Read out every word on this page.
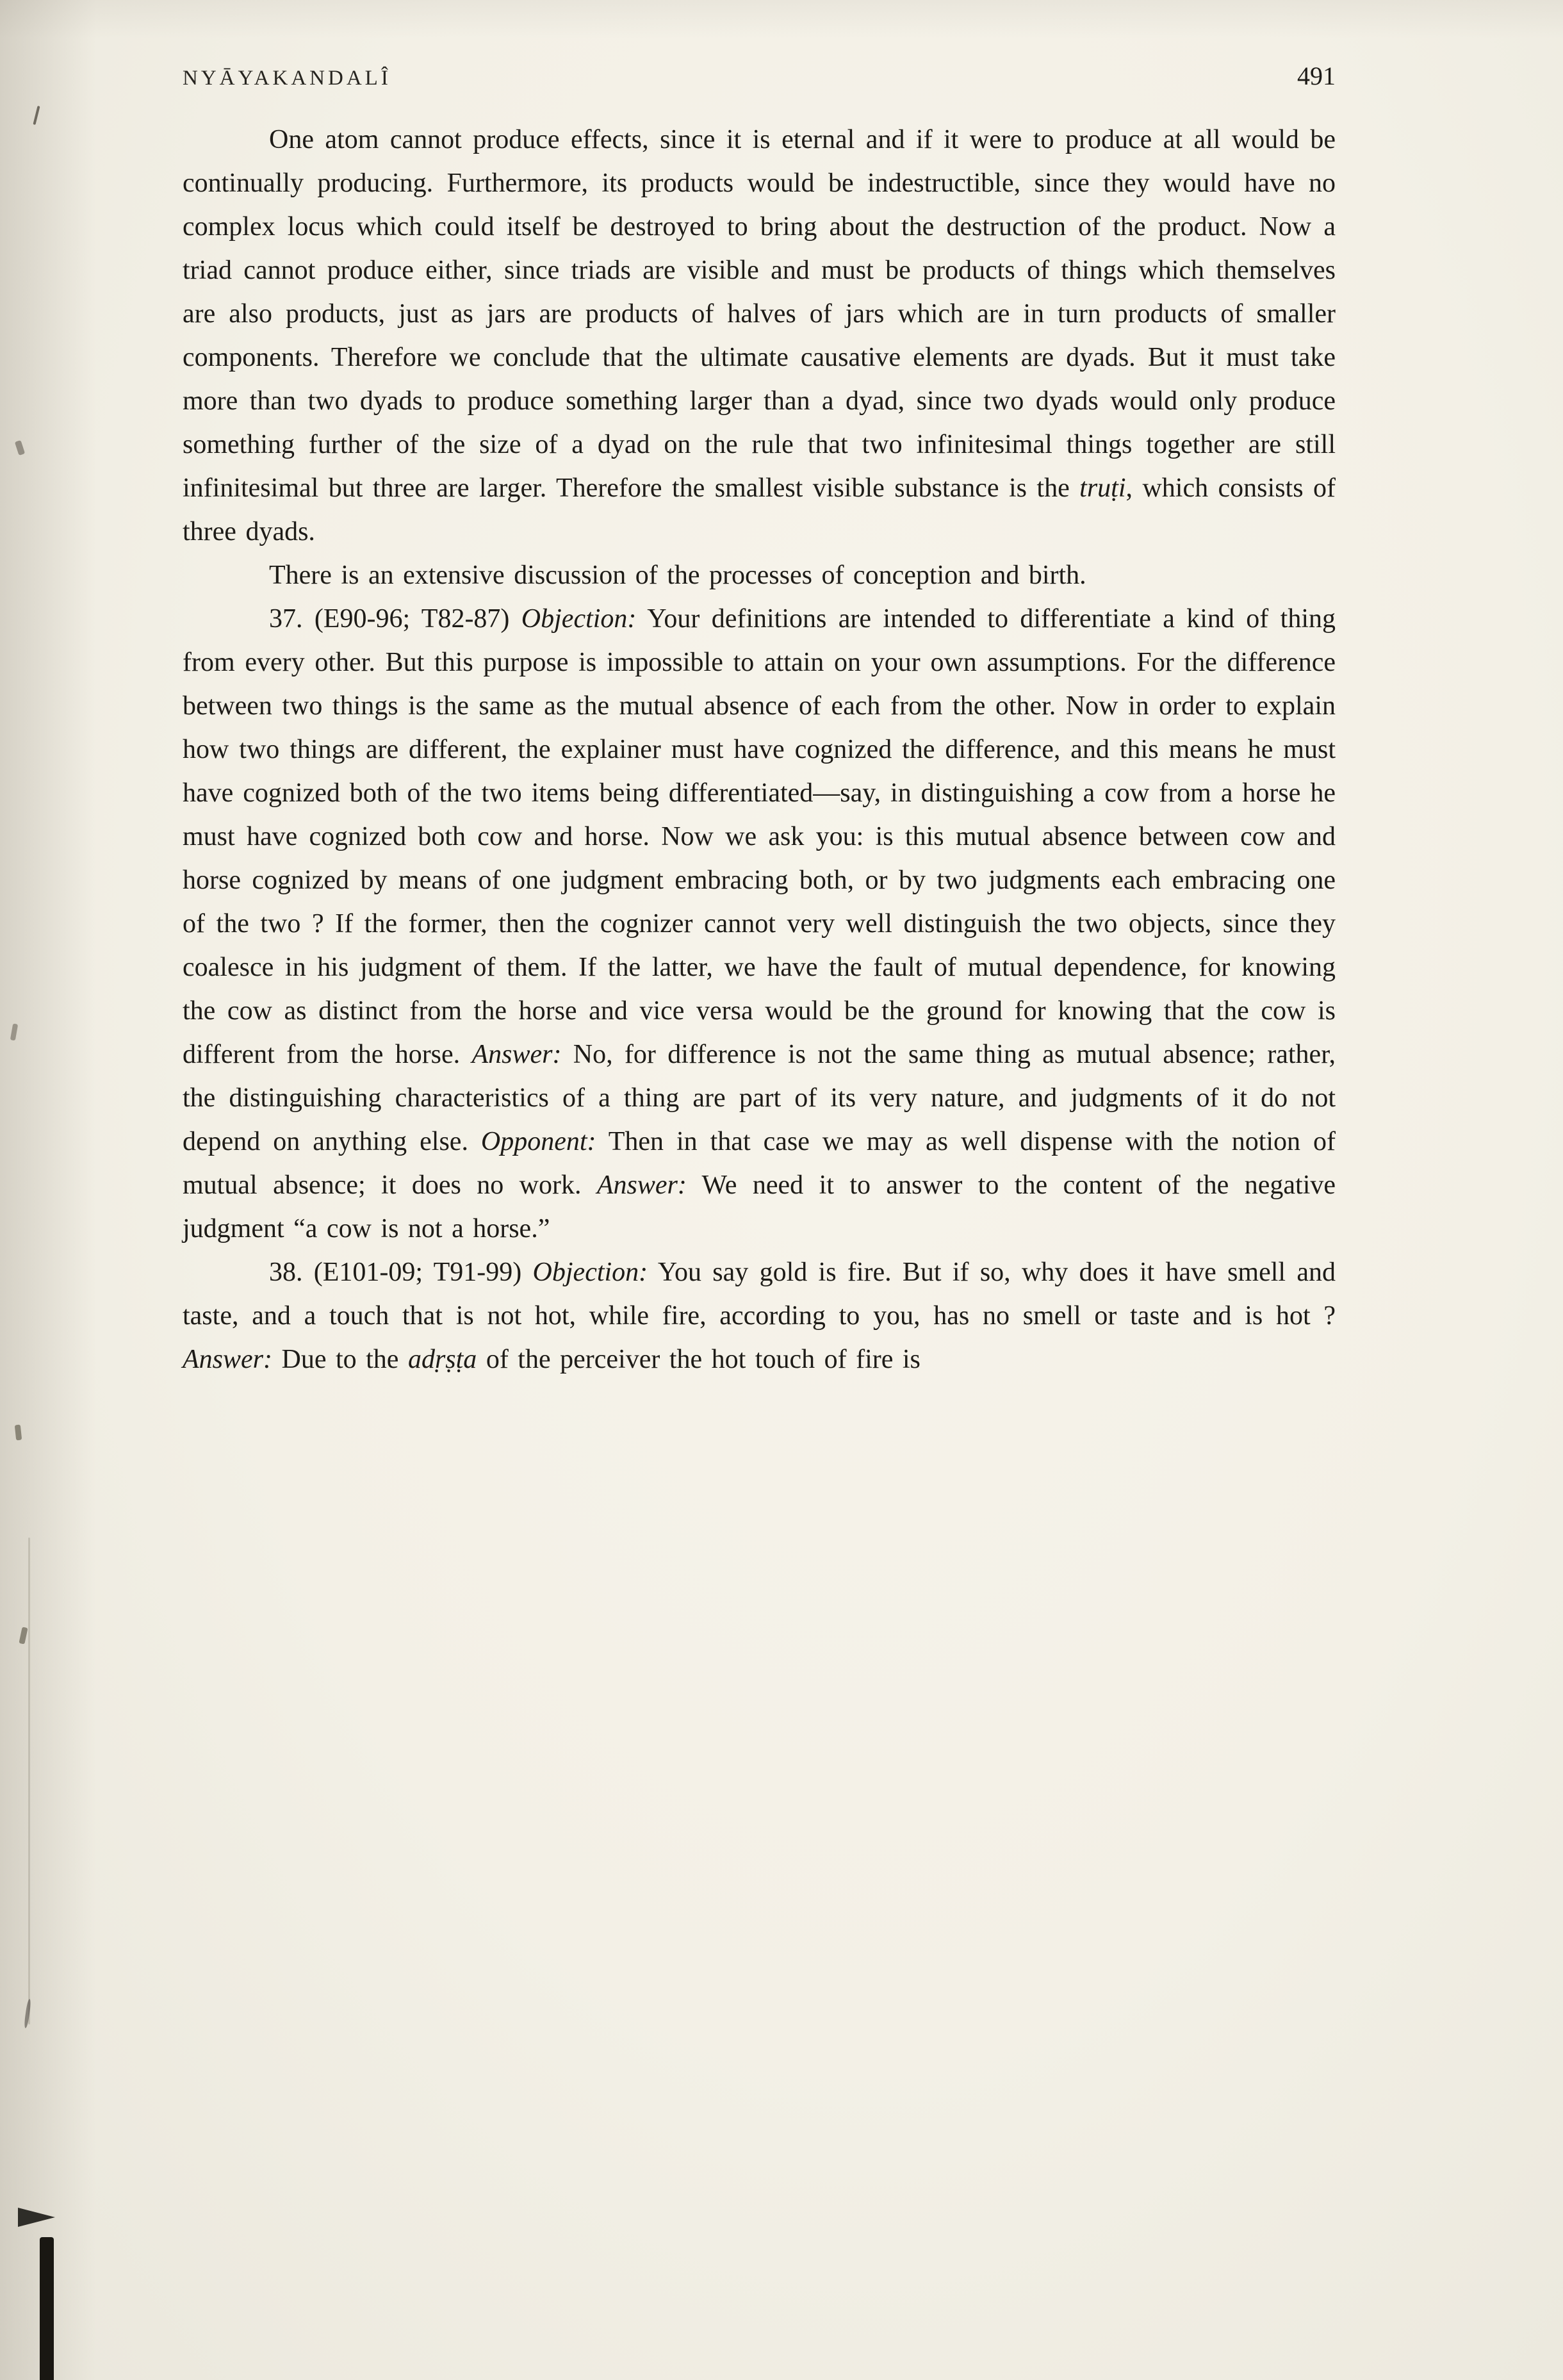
NYĀYAKANDALÎ	491

One atom cannot produce effects, since it is eternal and if it were to produce at all would be continually producing. Furthermore, its products would be indestructible, since they would have no complex locus which could itself be destroyed to bring about the destruction of the product. Now a triad cannot produce either, since triads are visible and must be products of things which themselves are also products, just as jars are products of halves of jars which are in turn products of smaller components. Therefore we conclude that the ultimate causative elements are dyads. But it must take more than two dyads to produce something larger than a dyad, since two dyads would only produce something further of the size of a dyad on the rule that two infinitesimal things together are still infinitesimal but three are larger. Therefore the smallest visible substance is the truṭi, which consists of three dyads.

There is an extensive discussion of the processes of conception and birth.

37. (E90-96; T82-87) Objection: Your definitions are intended to differentiate a kind of thing from every other. But this purpose is impossible to attain on your own assumptions. For the difference between two things is the same as the mutual absence of each from the other. Now in order to explain how two things are different, the explainer must have cognized the difference, and this means he must have cognized both of the two items being differentiated—say, in distinguishing a cow from a horse he must have cognized both cow and horse. Now we ask you: is this mutual absence between cow and horse cognized by means of one judgment embracing both, or by two judgments each embracing one of the two ? If the former, then the cognizer cannot very well distinguish the two objects, since they coalesce in his judgment of them. If the latter, we have the fault of mutual dependence, for knowing the cow as distinct from the horse and vice versa would be the ground for knowing that the cow is different from the horse. Answer: No, for difference is not the same thing as mutual absence; rather, the distinguishing characteristics of a thing are part of its very nature, and judgments of it do not depend on anything else. Opponent: Then in that case we may as well dispense with the notion of mutual absence; it does no work. Answer: We need it to answer to the content of the negative judgment “a cow is not a horse.”

38. (E101-09; T91-99) Objection: You say gold is fire. But if so, why does it have smell and taste, and a touch that is not hot, while fire, according to you, has no smell or taste and is hot ? Answer: Due to the adṛṣṭa of the perceiver the hot touch of fire is
